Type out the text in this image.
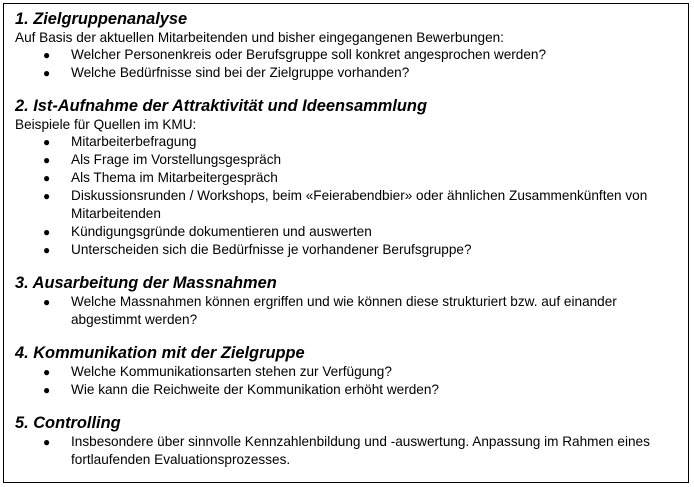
1. Zielgruppenanalyse

Auf Basis der aktuellen Mitarbeitenden und bisher eingegangenen Bewerbungen:

● Welcher Personenkreis oder Berufsgruppe soll konkret angesprochen werden?
● Welche Bedürfnisse sind bei der Zielgruppe vorhanden?

2. Ist-Aufnahme der Attraktivität und Ideensammlung

Beispiele für Quellen im KMU:

● Mitarbeiterbefragung
● Als Frage im Vorstellungsgespräch
● Als Thema im Mitarbeitergespräch
● Diskussionsrunden / Workshops, beim «Feierabendbier» oder ähnlichen Zusammenkünften von Mitarbeitenden
● Kündigungsgründe dokumentieren und auswerten
● Unterscheiden sich die Bedürfnisse je vorhandener Berufsgruppe?

3. Ausarbeitung der Massnahmen

● Welche Massnahmen können ergriffen und wie können diese strukturiert bzw. auf einander abgestimmt werden?

4. Kommunikation mit der Zielgruppe

● Welche Kommunikationsarten stehen zur Verfügung?
● Wie kann die Reichweite der Kommunikation erhöht werden?

5. Controlling

● Insbesondere über sinnvolle Kennzahlenbildung und -auswertung. Anpassung im Rahmen eines fortlaufenden Evaluationsprozesses.
